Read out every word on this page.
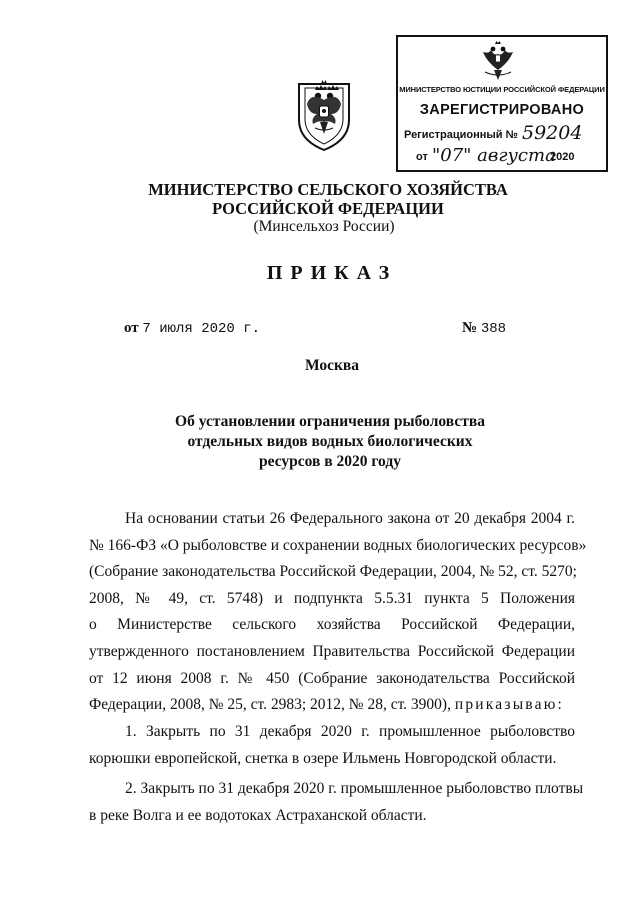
МИНИСТЕРСТВО ЮСТИЦИИ РОССИЙСКОЙ ФЕДЕРАЦИИ
ЗАРЕГИСТРИРОВАНО
Регистрационный № 59204
от "07" августа
2020
МИНИСТЕРСТВО СЕЛЬСКОГО ХОЗЯЙСТВА
РОССИЙСКОЙ ФЕДЕРАЦИИ
(Минсельхоз России)
ПРИКАЗ
от 7 июля 2020 г.	№ 388
Москва
Об установлении ограничения рыболовства
отдельных видов водных биологических
ресурсов в 2020 году
На основании статьи 26 Федерального закона от 20 декабря 2004 г.
№ 166-ФЗ «О рыболовстве и сохранении водных биологических ресурсов»
(Собрание законодательства Российской Федерации, 2004, № 52, ст. 5270;
2008, № 49, ст. 5748) и подпункта 5.5.31 пункта 5 Положения
о Министерстве сельского хозяйства Российской Федерации,
утвержденного постановлением Правительства Российской Федерации
от 12 июня 2008 г. № 450 (Собрание законодательства Российской
Федерации, 2008, № 25, ст. 2983; 2012, № 28, ст. 3900), приказываю:
1. Закрыть по 31 декабря 2020 г. промышленное рыболовство
корюшки европейской, снетка в озере Ильмень Новгородской области.
2. Закрыть по 31 декабря 2020 г. промышленное рыболовство плотвы
в реке Волга и ее водотоках Астраханской области.
